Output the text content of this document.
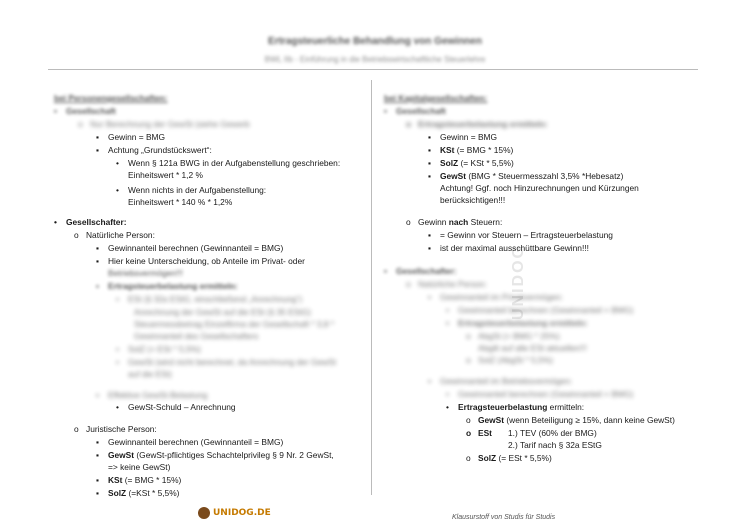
Ertragsteuerliche Behandlung von Gewinnen
BWL IIb - Einführung in die Betriebswirtschaftliche Steuerlehre
UNIDOG
bei Personengesellschaften:
• Gesellschaft
o Nur Berechnung der GewSt (siehe Gewerb
▪ Gewinn = BMG
▪ Achtung „Grundstückswert“:
• Wenn § 121a BWG in der Aufgabenstellung geschrieben:
Einheitswert * 1,2 %
• Wenn nichts in der Aufgabenstellung:
Einheitswert * 140 % * 1,2%
• Gesellschafter:
o Natürliche Person:
▪ Gewinnanteil berechnen (Gewinnanteil = BMG)
▪ Hier keine Unterscheidung, ob Anteile im Privat- oder
Betriebsvermögen!!!
▪ Ertragsteuerbelastung ermitteln:
• ESt (§ 32a EStG, einschließend „Anrechnung“)
Anrechnung der GewSt auf die ESt (§ 35 EStG)
Steuermessbetrag Einzelfirma der Gesellschaft * 3,8 *
Gewinnanteil des Gesellschafters
• SolZ (= ESt * 5,5%)
• GewSt (wird nicht berechnet, da Anrechnung der GewSt
auf die ESt)
▪ Effektive GewSt-Belastung
• GewSt-Schuld – Anrechnung
o Juristische Person:
▪ Gewinnanteil berechnen (Gewinnanteil = BMG)
▪ GewSt (GewSt-pflichtiges Schachtelprivileg § 9 Nr. 2 GewSt,
=> keine GewSt)
▪ KSt (= BMG * 15%)
▪ SolZ (=KSt * 5,5%)
bei Kapitalgesellschaften:
• Gesellschaft
o Ertragsteuerbelastung ermitteln:
▪ Gewinn = BMG
▪ KSt (= BMG * 15%)
▪ SolZ (= KSt * 5,5%)
▪ GewSt (BMG * Steuermesszahl 3,5% *Hebesatz)
Achtung! Ggf. noch Hinzurechnungen und Kürzungen
berücksichtigen!!!
o Gewinn nach Steuern:
▪ = Gewinn vor Steuern – Ertragsteuerbelastung
▪ ist der maximal ausschüttbare Gewinn!!!
• Gesellschafter:
o Natürliche Person:
▪ Gewinnanteil im Privatvermögen:
• Gewinnanteil berechnen (Gewinnanteil = BMG)
• Ertragsteuerbelastung ermitteln:
o AbgSt (= BMG * 25%)
Abgilt auf alle ESt aktuellen!!!
o SolZ (AbgSt * 5,5%)
▪ Gewinnanteil im Betriebsvermögen:
• Gewinnanteil berechnen (Gewinnanteil = BMG)
• Ertragsteuerbelastung ermitteln:
o GewSt (wenn Beteiligung ≥ 15%, dann keine GewSt)
o ESt 1.) TEV (60% der BMG)
2.) Tarif nach § 32a EStG
o SolZ (= ESt * 5,5%)
UNIDOG.DE	Klausurstoff von Studis für Studis
